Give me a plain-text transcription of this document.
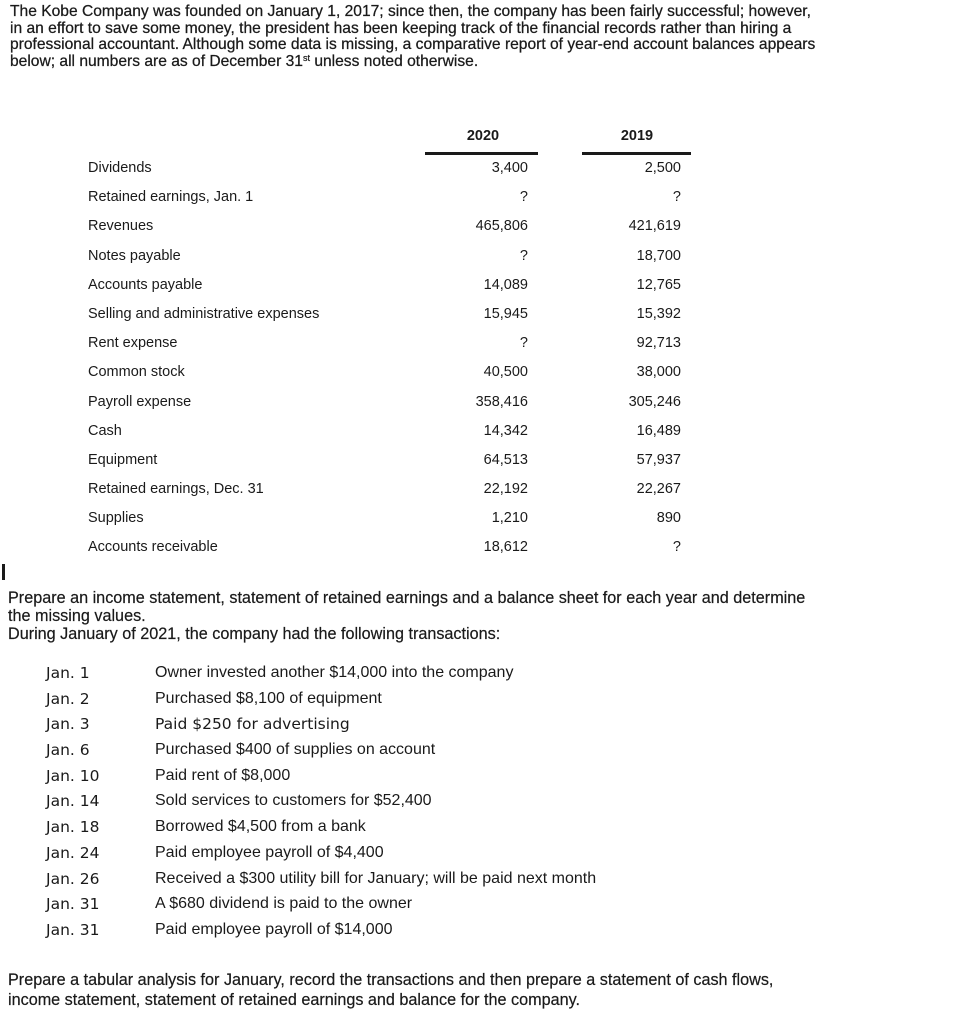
The Kobe Company was founded on January 1, 2017; since then, the company has been fairly successful; however,

in an effort to save some money, the president has been keeping track of the financial records rather than hiring a

professional accountant. Although some data is missing, a comparative report of year-end account balances appears

below; all numbers are as of December 31st unless noted otherwise.

2020	2019
Dividends	3,400	2,500
Retained earnings, Jan. 1	?	?
Revenues	465,806	421,619
Notes payable	?	18,700
Accounts payable	14,089	12,765
Selling and administrative expenses	15,945	15,392
Rent expense	?	92,713
Common stock	40,500	38,000
Payroll expense	358,416	305,246
Cash	14,342	16,489
Equipment	64,513	57,937
Retained earnings, Dec. 31	22,192	22,267
Supplies	1,210	890
Accounts receivable	18,612	?

Prepare an income statement, statement of retained earnings and a balance sheet for each year and determine

the missing values.

During January of 2021, the company had the following transactions:

Jan. 1	Owner invested another $14,000 into the company
Jan. 2	Purchased $8,100 of equipment
Jan. 3	Paid $250 for advertising
Jan. 6	Purchased $400 of supplies on account
Jan. 10	Paid rent of $8,000
Jan. 14	Sold services to customers for $52,400
Jan. 18	Borrowed $4,500 from a bank
Jan. 24	Paid employee payroll of $4,400
Jan. 26	Received a $300 utility bill for January; will be paid next month
Jan. 31	A $680 dividend is paid to the owner
Jan. 31	Paid employee payroll of $14,000

Prepare a tabular analysis for January, record the transactions and then prepare a statement of cash flows,

income statement, statement of retained earnings and balance for the company.
